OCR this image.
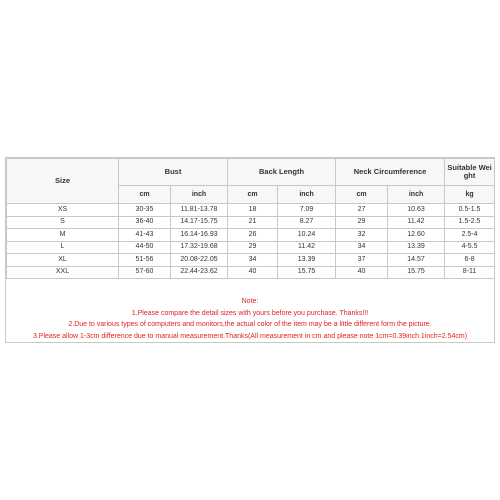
Size	Bust		Back Length		Neck Circumference		Suitable Wei ght
	cm	inch	cm	inch	cm	inch	kg
XS	30-35	11.81-13.78	18	7.09	27	10.63	0.5-1.5
S	36-40	14.17-15.75	21	8.27	29	11.42	1.5-2.5
M	41-43	16.14-16.93	26	10.24	32	12.60	2.5-4
L	44-50	17.32-19.68	29	11.42	34	13.39	4-5.5
XL	51-56	20.08-22.05	34	13.39	37	14.57	6-8
XXL	57-60	22.44-23.62	40	15.75	40	15.75	8-11
Note:
1.Please compare the detail sizes with yours before you purchase. Thanks!!!
2.Due to various types of computers and monitors,the actual color of the item may be a little different form the picture.
3.Please allow 1-3cm difference due to manual measurement.Thanks(All measurement in cm and please note 1cm=0.39inch 1inch=2.54cm)
